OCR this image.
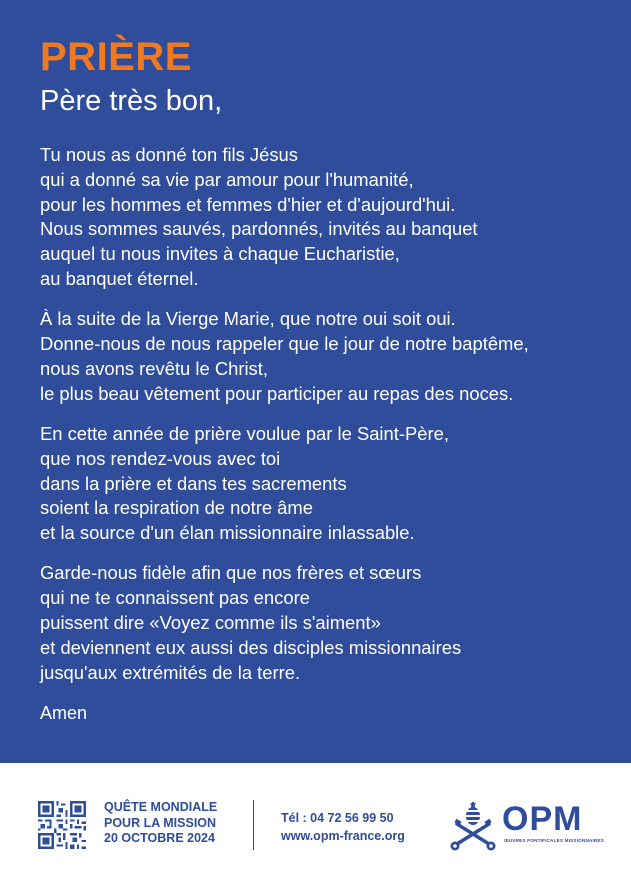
PRIÈRE
Père très bon,
Tu nous as donné ton fils Jésus
qui a donné sa vie par amour pour l'humanité,
pour les hommes et femmes d'hier et d'aujourd'hui.
Nous sommes sauvés, pardonnés, invités au banquet
auquel tu nous invites à chaque Eucharistie,
au banquet éternel.
À la suite de la Vierge Marie, que notre oui soit oui.
Donne-nous de nous rappeler que le jour de notre baptême,
nous avons revêtu le Christ,
le plus beau vêtement pour participer au repas des noces.
En cette année de prière voulue par le Saint-Père,
que nos rendez-vous avec toi
dans la prière et dans tes sacrements
soient la respiration de notre âme
et la source d'un élan missionnaire inlassable.
Garde-nous fidèle afin que nos frères et sœurs
qui ne te connaissent pas encore
puissent dire «Voyez comme ils s'aiment»
et deviennent eux aussi des disciples missionnaires
jusqu'aux extrémités de la terre.
Amen
QUÊTE MONDIALE
POUR LA MISSION
20 OCTOBRE 2024
Tél : 04 72 56 99 50
www.opm-france.org	OPM
ŒUVRES PONTIFICALES MISSIONNAIRES
